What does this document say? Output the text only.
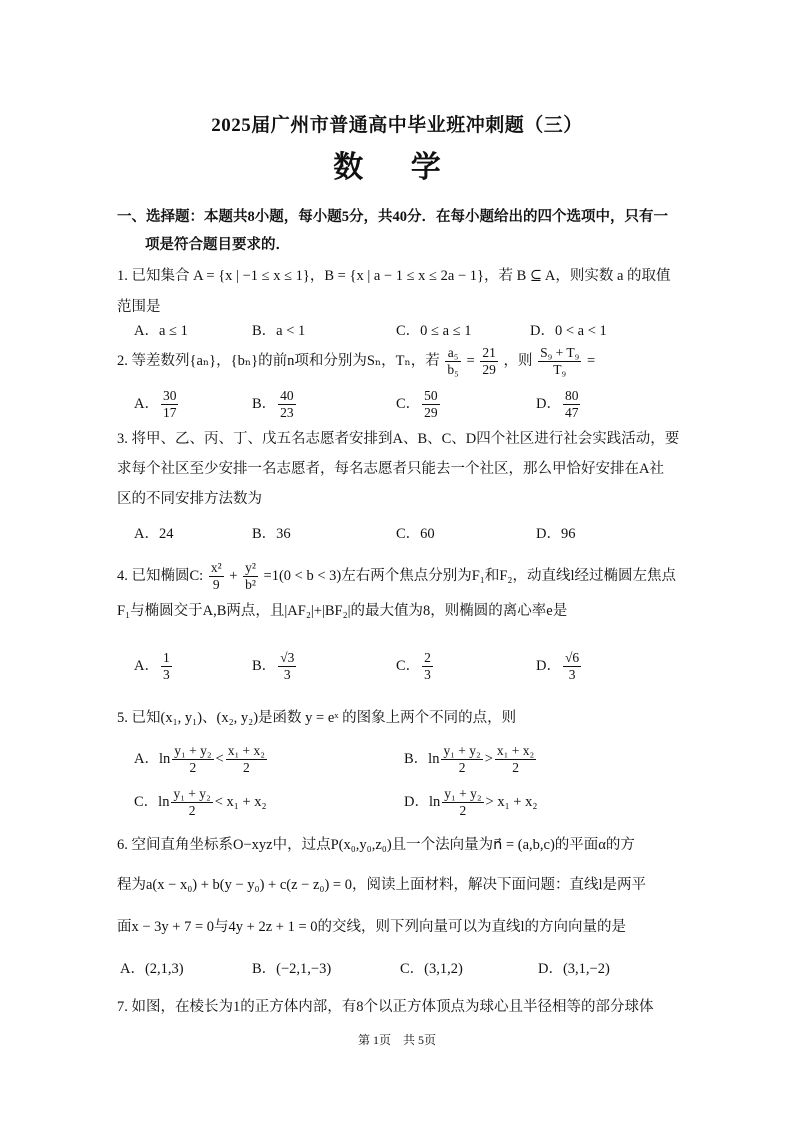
2025届广州市普通高中毕业班冲刺题（三）
数 学
一、选择题：本题共8小题，每小题5分，共40分．在每小题给出的四个选项中，只有一
项是符合题目要求的．
1. 已知集合 A = {x | −1 ≤ x ≤ 1}，B = {x | a − 1 ≤ x ≤ 2a − 1}，若 B ⊆ A，则实数 a 的取值
范围是
A．a ≤ 1	B．a < 1	C．0 ≤ a ≤ 1	D．0 < a < 1
2. 等差数列{aₙ}，{bₙ}的前n项和分别为Sₙ，Tₙ，若 $\frac{\text{a₅}}{\text{b₅}} = \frac{21}{29}$ ，则 $\frac{\text{S₉ + T₉}}{\text{T₉}}$ =
A． $\frac{30}{17}$	B． $\frac{40}{23}$	C． $\frac{50}{29}$	D． $\frac{80}{47}$
3. 将甲、乙、丙、丁、戊五名志愿者安排到A、B、C、D四个社区进行社会实践活动，要
求每个社区至少安排一名志愿者，每名志愿者只能去一个社区，那么甲恰好安排在A社
区的不同安排方法数为
A．24	B．36	C．60	D．96
4. 已知椭圆C: $\frac{\text{x²}}{9} + \frac{\text{y²}}{\text{b²}} =1(0 < b < 3)$左右两个焦点分别为F₁和F₂，动直线l经过椭圆左焦点
F₁与椭圆交于A,B两点，且|AF₂|+|BF₂|的最大值为8，则椭圆的离心率e是
A． $\frac{1}{3}$	B． $\frac{√3}{3}$	C． $\frac{2}{3}$	D． $\frac{√6}{3}$
5. 已知(x₁, y₁)、(x₂, y₂)是函数 y = eˣ 的图象上两个不同的点，则
A．$\ln \frac{\text{y₁ + y₂}}{2} < \frac{\text{x₁ + x₂}}{2}$	B．$\ln \frac{\text{y₁ + y₂}}{2} > \frac{\text{x₁ + x₂}}{2}$
C．$\ln \frac{\text{y₁ + y₂}}{2} < x_1 + x_2$	D．$\ln \frac{\text{y₁ + y₂}}{2} > x_1 + x_2$
6. 空间直角坐标系O−xyz中，过点P(x₀,y₀,z₀)且一个法向量为n⃗ = (a,b,c)的平面α的方
程为a(x − x₀) + b(y − y₀) + c(z − z₀) = 0，阅读上面材料，解决下面问题：直线l是两平
面x − 3y + 7 = 0与4y + 2z + 1 = 0的交线，则下列向量可以为直线l的方向向量的是
A．(2,1,3)	B．(−2,1,−3)	C．(3,1,2)	D．(3,1,−2)
7. 如图，在棱长为1的正方体内部，有8个以正方体顶点为球心且半径相等的部分球体
第 1页　共 5页
